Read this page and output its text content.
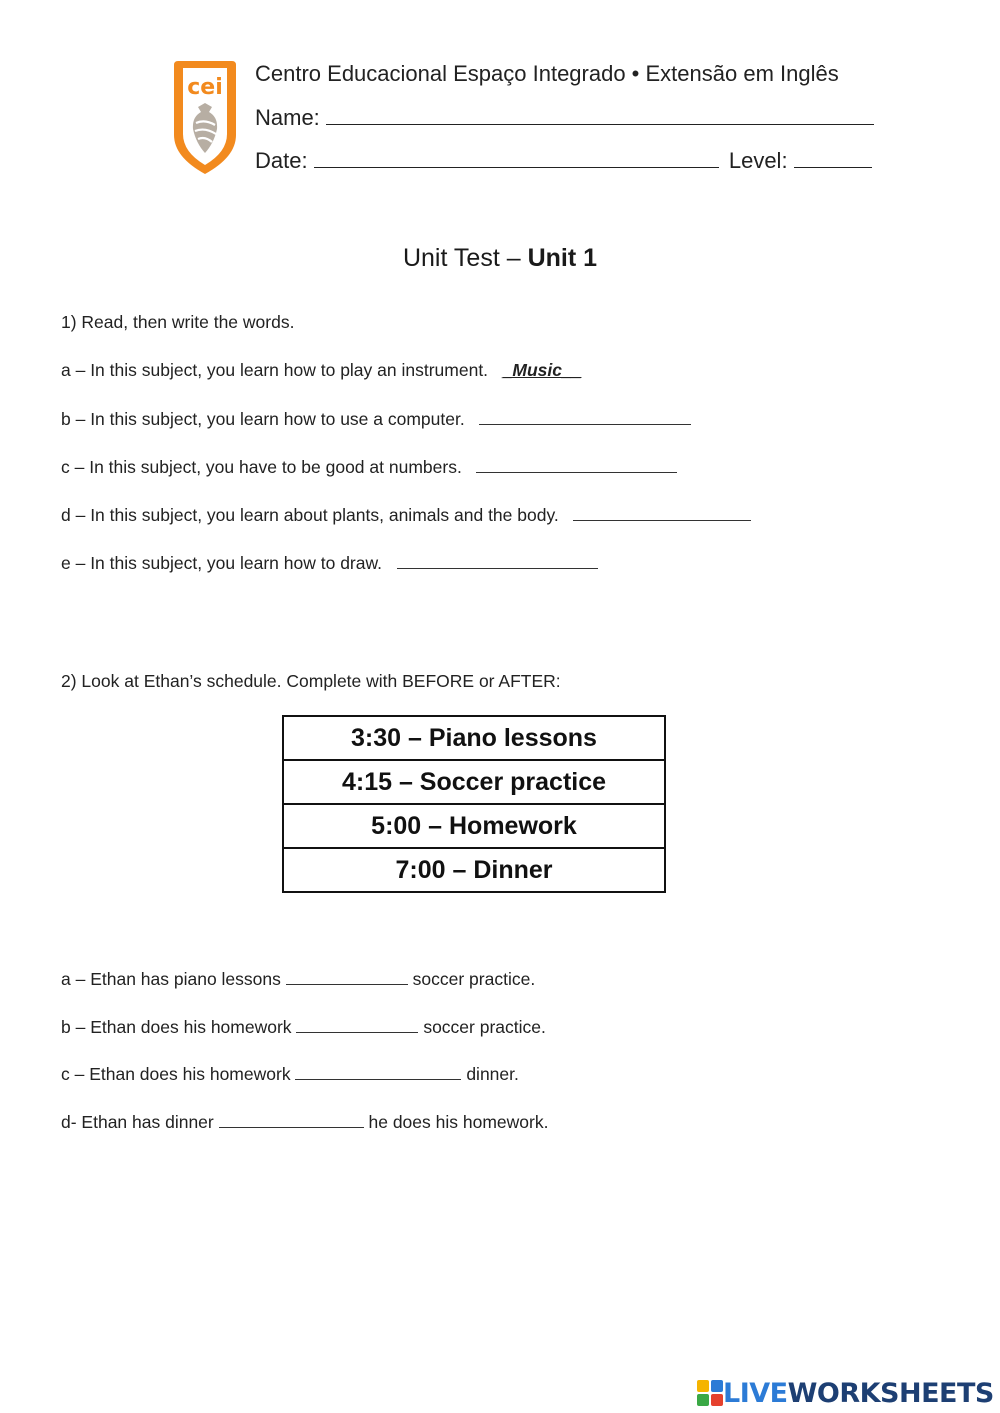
cei
Centro Educacional Espaço Integrado • Extensão em Inglês
Name:
Date:	Level:
Unit Test – Unit 1
1) Read, then write the words.
a – In this subject, you learn how to play an instrument. _Music__
b – In this subject, you learn how to use a computer.
c – In this subject, you have to be good at numbers.
d – In this subject, you learn about plants, animals and the body.
e – In this subject, you learn how to draw.
2) Look at Ethan’s schedule. Complete with BEFORE or AFTER:
3:30 – Piano lessons
4:15 – Soccer practice
5:00 – Homework
7:00 – Dinner
a – Ethan has piano lessons	soccer practice.
b – Ethan does his homework	soccer practice.
c – Ethan does his homework	dinner.
d- Ethan has dinner	he does his homework.
LIVEWORKSHEETS
